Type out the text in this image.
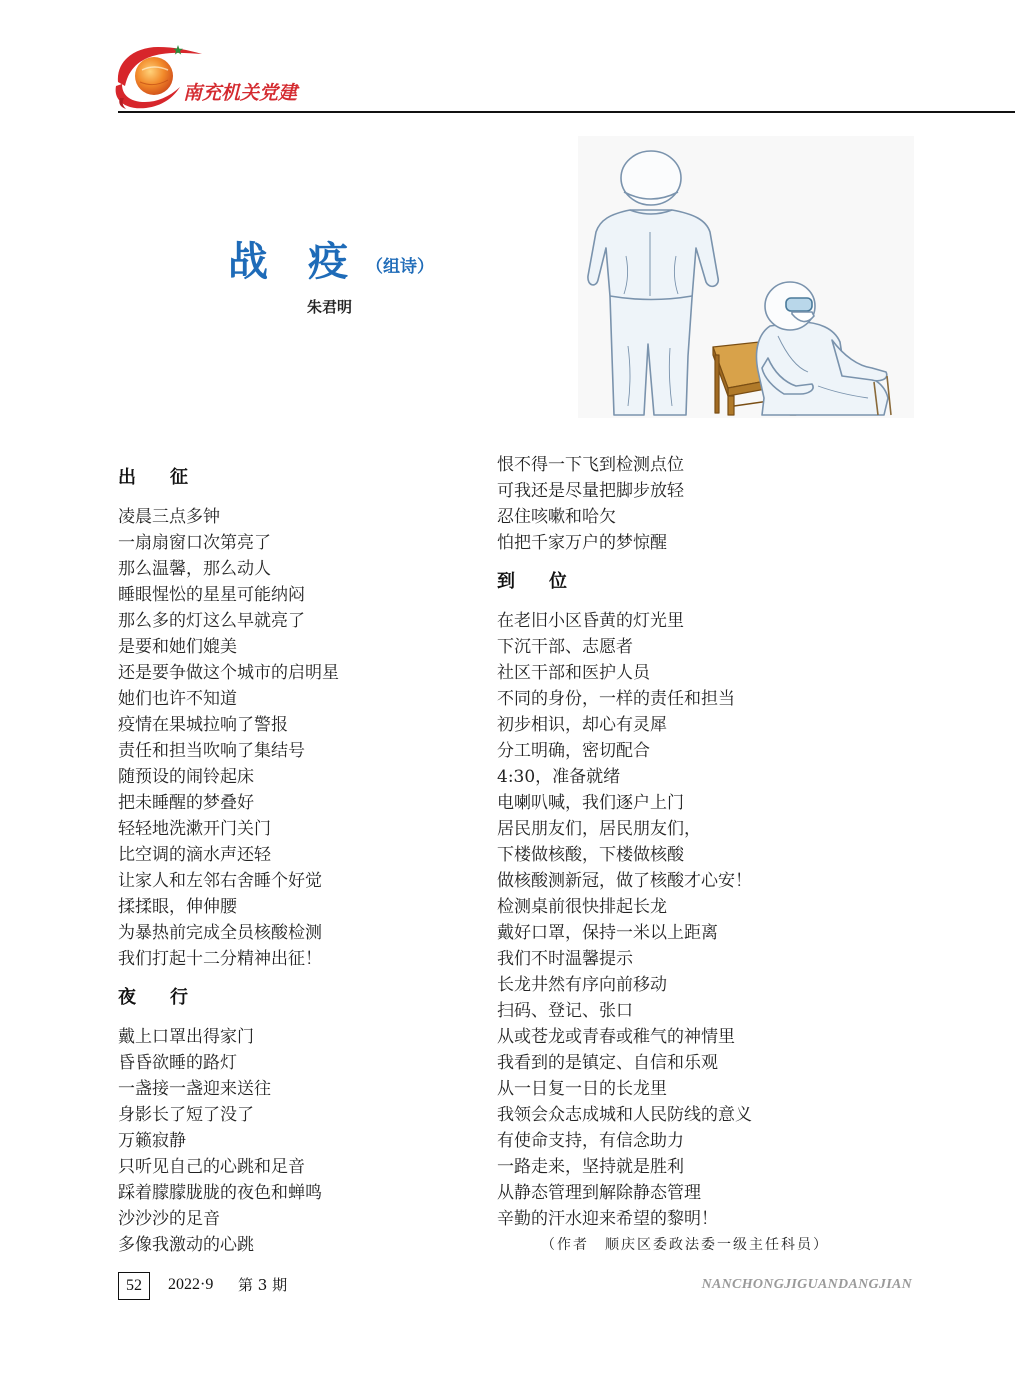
南充机关党建
战　疫 （组诗）
朱君明
出　征
凌晨三点多钟
一扇扇窗口次第亮了
那么温馨，那么动人
睡眼惺忪的星星可能纳闷
那么多的灯这么早就亮了
是要和她们媲美
还是要争做这个城市的启明星
她们也许不知道
疫情在果城拉响了警报
责任和担当吹响了集结号
随预设的闹铃起床
把未睡醒的梦叠好
轻轻地洗漱开门关门
比空调的滴水声还轻
让家人和左邻右舍睡个好觉
揉揉眼，伸伸腰
为暴热前完成全员核酸检测
我们打起十二分精神出征！
夜　行
戴上口罩出得家门
昏昏欲睡的路灯
一盏接一盏迎来送往
身影长了短了没了
万籁寂静
只听见自己的心跳和足音
踩着朦朦胧胧的夜色和蝉鸣
沙沙沙的足音
多像我激动的心跳
恨不得一下飞到检测点位
可我还是尽量把脚步放轻
忍住咳嗽和哈欠
怕把千家万户的梦惊醒
到　位
在老旧小区昏黄的灯光里
下沉干部、志愿者
社区干部和医护人员
不同的身份，一样的责任和担当
初步相识，却心有灵犀
分工明确，密切配合
4:30，准备就绪
电喇叭喊，我们逐户上门
居民朋友们，居民朋友们，
下楼做核酸，下楼做核酸
做核酸测新冠，做了核酸才心安！
检测桌前很快排起长龙
戴好口罩，保持一米以上距离
我们不时温馨提示
长龙井然有序向前移动
扫码、登记、张口
从或苍龙或青春或稚气的神情里
我看到的是镇定、自信和乐观
从一日复一日的长龙里
我领会众志成城和人民防线的意义
有使命支持，有信念助力
一路走来，坚持就是胜利
从静态管理到解除静态管理
辛勤的汗水迎来希望的黎明！
（作者　顺庆区委政法委一级主任科员）
52	2022·9 第 3 期	NANCHONGJIGUANDANGJIAN
